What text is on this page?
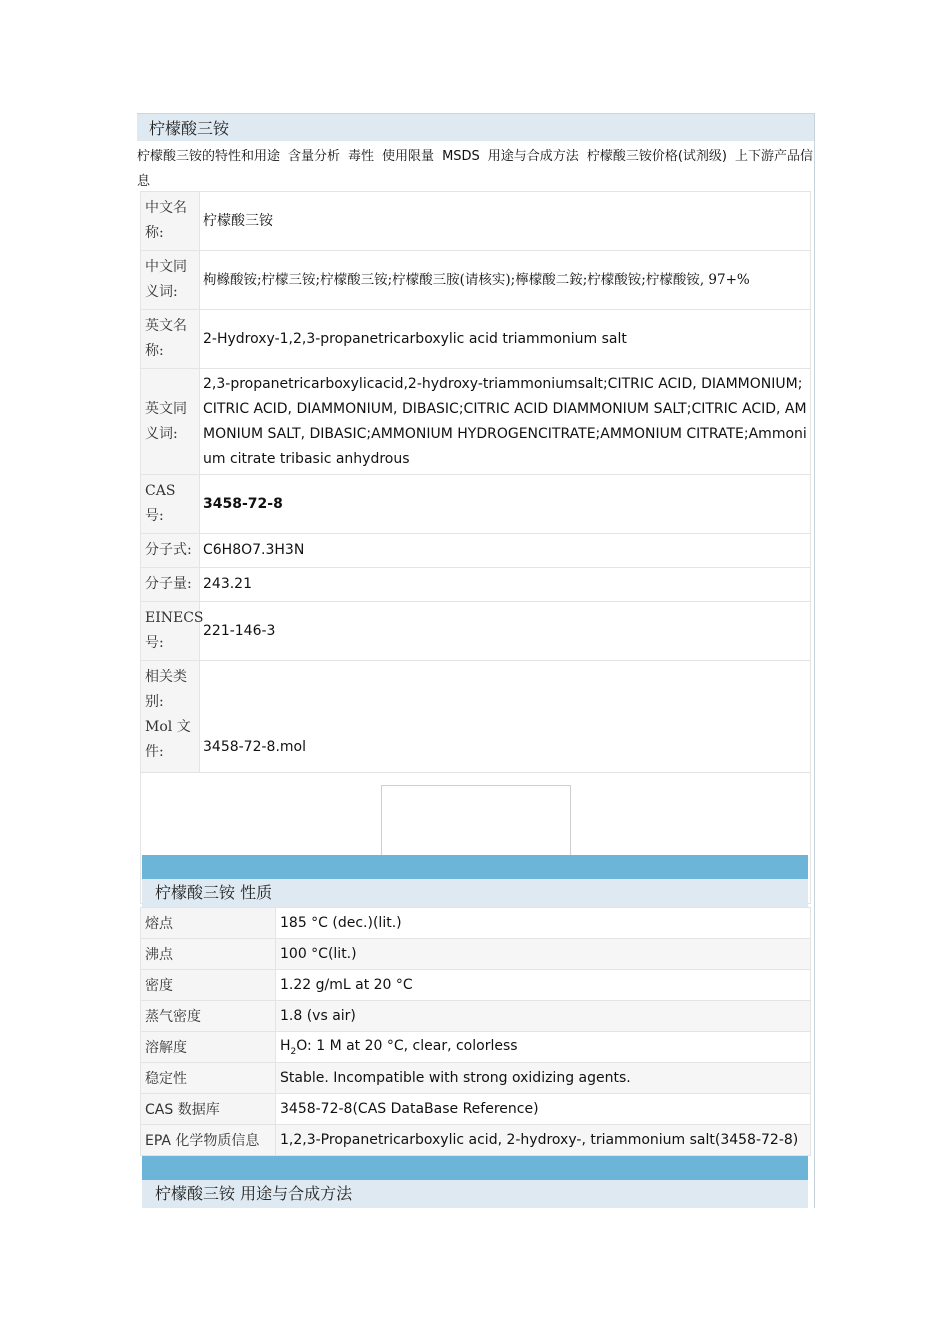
柠檬酸三铵
柠檬酸三铵的特性和用途 含量分析 毒性 使用限量 MSDS 用途与合成方法 柠檬酸三铵价格(试剂级) 上下游产品信息
中文名称:	柠檬酸三铵
中文同义词:	枸橼酸铵;柠檬三铵;柠檬酸三铵;柠檬酸三胺(请核实);檸檬酸二銨;柠檬酸铵;柠檬酸铵, 97+%
英文名称:	2-Hydroxy-1,2,3-propanetricarboxylic acid triammonium salt
英文同义词:	2,3-propanetricarboxylicacid,2-hydroxy-triammoniumsalt;CITRIC ACID, DIAMMONIUM;CITRIC ACID, DIAMMONIUM, DIBASIC;CITRIC ACID DIAMMONIUM SALT;CITRIC ACID, AMMONIUM SALT, DIBASIC;AMMONIUM HYDROGENCITRATE;AMMONIUM CITRATE;Ammonium citrate tribasic anhydrous
CAS 号:	3458-72-8
分子式:	C6H8O7.3H3N
分子量:	243.21
EINECS 号:	221-146-3

相关类别:
Mol 文件:	3458-72-8.mol

柠檬酸三铵 性质
熔点	185 °C (dec.)(lit.)
沸点	100 °C(lit.)
密度	1.22 g/mL at 20 °C
蒸气密度	1.8 (vs air)
溶解度	$H_2O$: 1 M at 20 °C, clear, colorless
稳定性	Stable. Incompatible with strong oxidizing agents.
CAS 数据库	3458-72-8(CAS DataBase Reference)
EPA 化学物质信息	1,2,3-Propanetricarboxylic acid, 2-hydroxy-, triammonium salt(3458-72-8)
柠檬酸三铵 用途与合成方法
